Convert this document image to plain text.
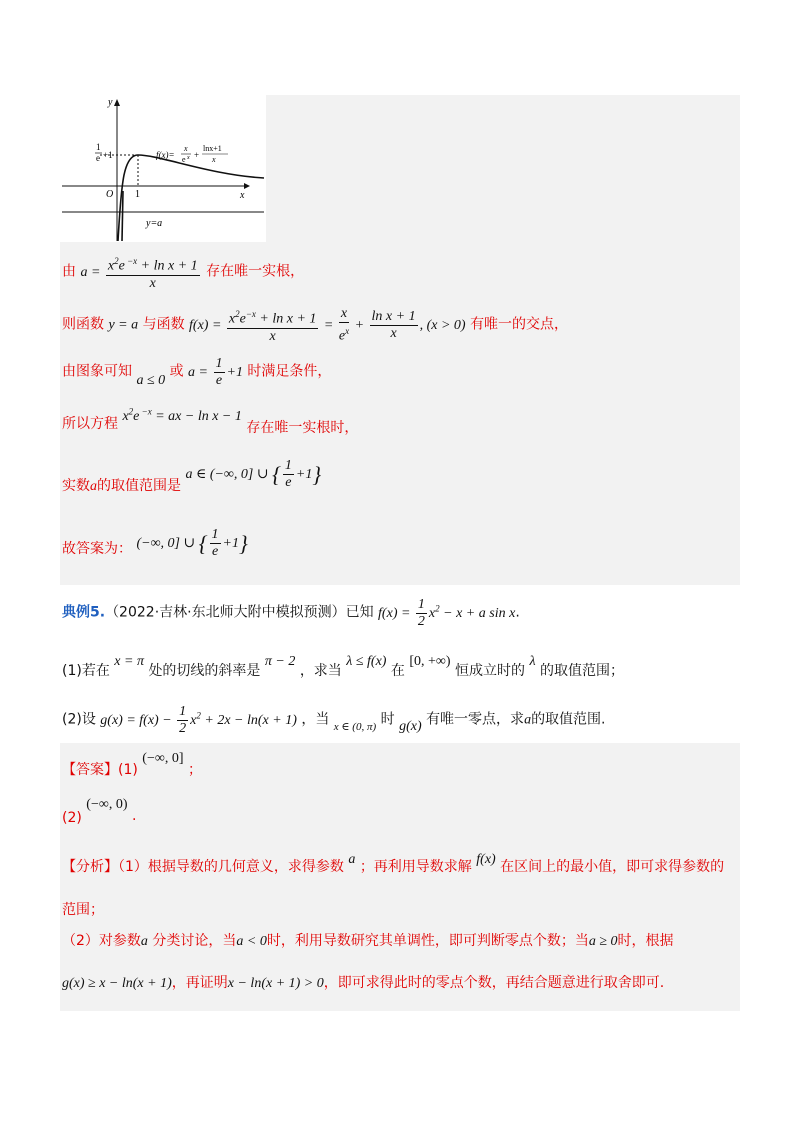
y
x
O 1
1
e +1	f(x)=
x
e x +
lnx+1
x
y=a
由 $a = \frac{x^2e ^{-x} + \ln x + 1}{x}$ 存在唯一实根，
则函数 y = a 与函数 $f(x) = \frac{x^2e^{-x} + \ln x + 1}{x} = \frac{x}{e^x} + \frac{\text{ln x + 1}}{x}$ , (x > 0) 有唯一的交点，
由图象可知 a ≤ 0 或 $a = \frac{1}{e} +1$ 时满足条件，
所以方程 $x^2e$ $^{-x}$ = ax − ln x − 1 存在唯一实根时，
实数a的取值范围是 a ∈ (−∞, 0] ∪ { $\frac{1}{e} +1$}
故答案为： (−∞, 0] ∪ { $\frac{1}{e} +1$}
典例5.（2022·吉林·东北师大附中模拟预测）已知 $f(x) = \frac{1}{2} x^2 - x + a$ sin x.
(1)若在 x = π 处的切线的斜率是 π − 2 ，求当 λ ≤ f(x) 在 [0, +∞) 恒成立时的 λ 的取值范围；
(2)设 $g(x) = f(x) - \frac{1}{2} x^2 + 2x - \ln(x + 1)$ ，当 $_{x \in (0, \pi)}$ 时 g(x) 有唯一零点，求a的取值范围.
【答案】(1) (−∞, 0] ；
(2) (−∞, 0) .
【分析】（1）根据导数的几何意义，求得参数 a ；再利用导数求解 f(x) 在区间上的最小值，即可求得参数的
范围；
（2）对参数a 分类讨论，当a < 0时，利用导数研究其单调性，即可判断零点个数；当a ≥ 0时，根据
g(x) ≥ x − ln(x + 1)，再证明x − ln(x + 1) > 0，即可求得此时的零点个数，再结合题意进行取舍即可.
